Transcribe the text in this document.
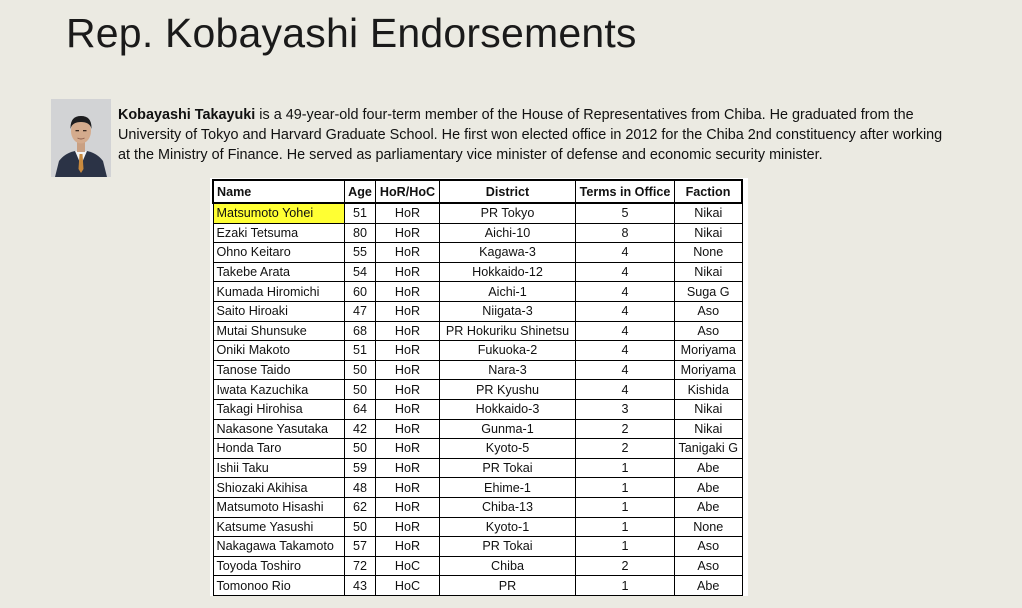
Rep. Kobayashi Endorsements

Kobayashi Takayuki is a 49-year-old four-term member of the House of Representatives from Chiba. He graduated from the University of Tokyo and Harvard Graduate School. He first won elected office in 2012 for the Chiba 2nd constituency after working at the Ministry of Finance. He served as parliamentary vice minister of defense and economic security minister.

Name	Age	HoR/HoC	District	Terms in Office	Faction
Matsumoto Yohei	51	HoR	PR Tokyo	5	Nikai
Ezaki Tetsuma	80	HoR	Aichi-10	8	Nikai
Ohno Keitaro	55	HoR	Kagawa-3	4	None
Takebe Arata	54	HoR	Hokkaido-12	4	Nikai
Kumada Hiromichi	60	HoR	Aichi-1	4	Suga G
Saito Hiroaki	47	HoR	Niigata-3	4	Aso
Mutai Shunsuke	68	HoR	PR Hokuriku Shinetsu	4	Aso
Oniki Makoto	51	HoR	Fukuoka-2	4	Moriyama
Tanose Taido	50	HoR	Nara-3	4	Moriyama
Iwata Kazuchika	50	HoR	PR Kyushu	4	Kishida
Takagi Hirohisa	64	HoR	Hokkaido-3	3	Nikai
Nakasone Yasutaka	42	HoR	Gunma-1	2	Nikai
Honda Taro	50	HoR	Kyoto-5	2	Tanigaki G
Ishii Taku	59	HoR	PR Tokai	1	Abe
Shiozaki Akihisa	48	HoR	Ehime-1	1	Abe
Matsumoto Hisashi	62	HoR	Chiba-13	1	Abe
Katsume Yasushi	50	HoR	Kyoto-1	1	None
Nakagawa Takamoto	57	HoR	PR Tokai	1	Aso
Toyoda Toshiro	72	HoC	Chiba	2	Aso
Tomonoo Rio	43	HoC	PR	1	Abe
